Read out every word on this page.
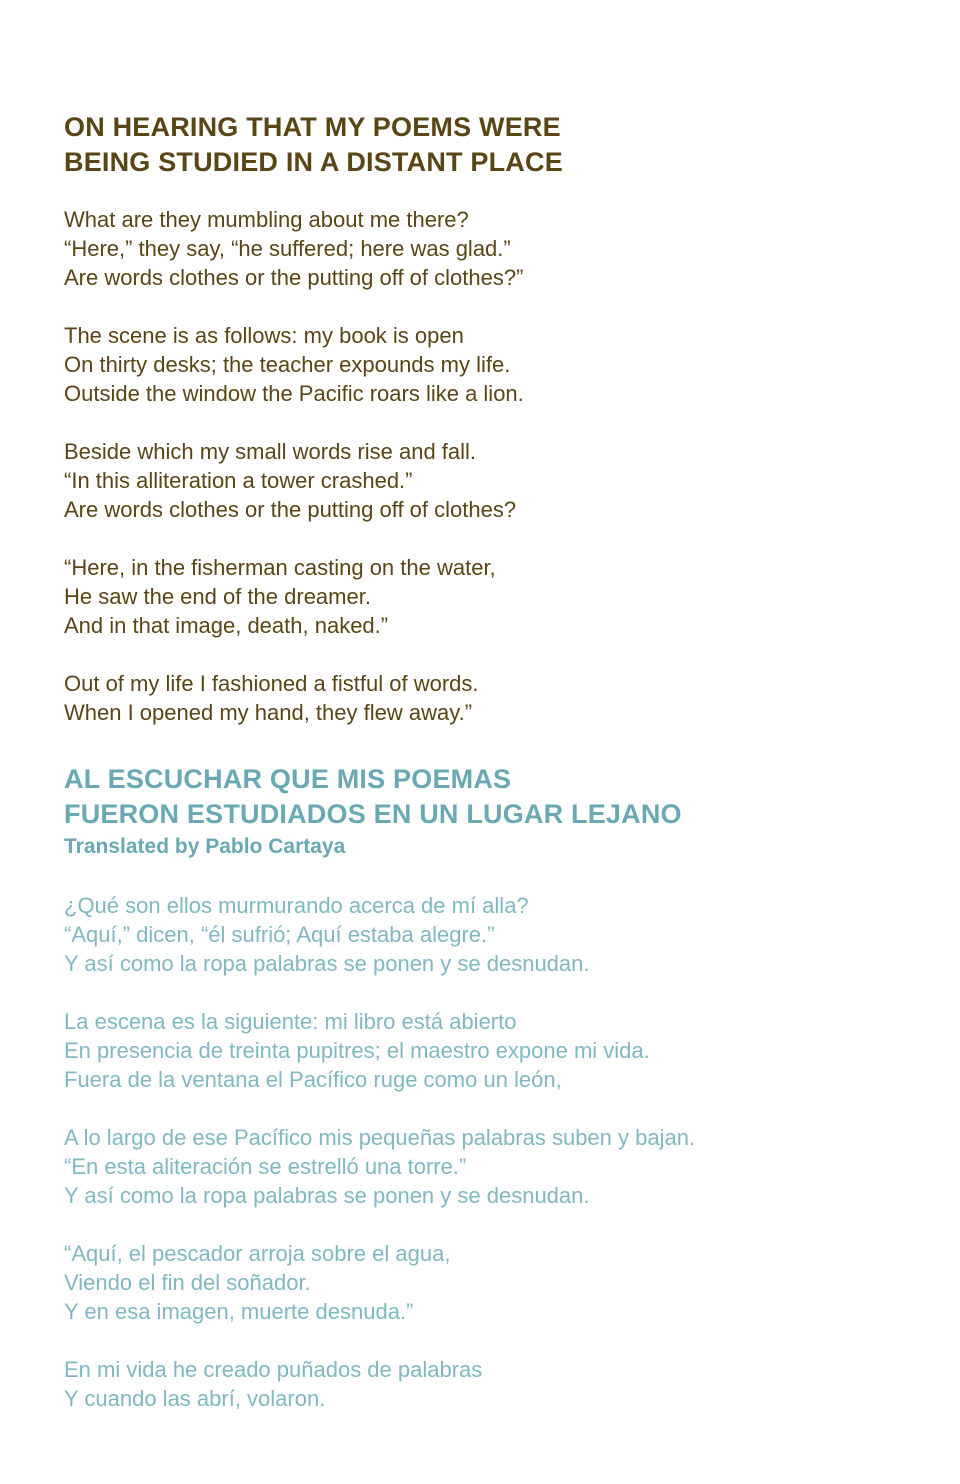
ON HEARING THAT MY POEMS WERE
BEING STUDIED IN A DISTANT PLACE

What are they mumbling about me there?
“Here,” they say, “he suffered; here was glad.”
Are words clothes or the putting off of clothes?”

The scene is as follows: my book is open
On thirty desks; the teacher expounds my life.
Outside the window the Pacific roars like a lion.

Beside which my small words rise and fall.
“In this alliteration a tower crashed.”
Are words clothes or the putting off of clothes?

“Here, in the fisherman casting on the water,
He saw the end of the dreamer.
And in that image, death, naked.”

Out of my life I fashioned a fistful of words.
When I opened my hand, they flew away.”

AL ESCUCHAR QUE MIS POEMAS
FUERON ESTUDIADOS EN UN LUGAR LEJANO

Translated by Pablo Cartaya

¿Qué son ellos murmurando acerca de mí alla?
“Aquí,” dicen, “él sufrió; Aquí estaba alegre.”
Y así como la ropa palabras se ponen y se desnudan.

La escena es la siguiente: mi libro está abierto
En presencia de treinta pupitres; el maestro expone mi vida.
Fuera de la ventana el Pacífico ruge como un león,

A lo largo de ese Pacífico mis pequeñas palabras suben y bajan.
“En esta aliteración se estrelló una torre.”
Y así como la ropa palabras se ponen y se desnudan.

“Aquí, el pescador arroja sobre el agua,
Viendo el fin del soñador.
Y en esa imagen, muerte desnuda.”

En mi vida he creado puñados de palabras
Y cuando las abrí, volaron.
